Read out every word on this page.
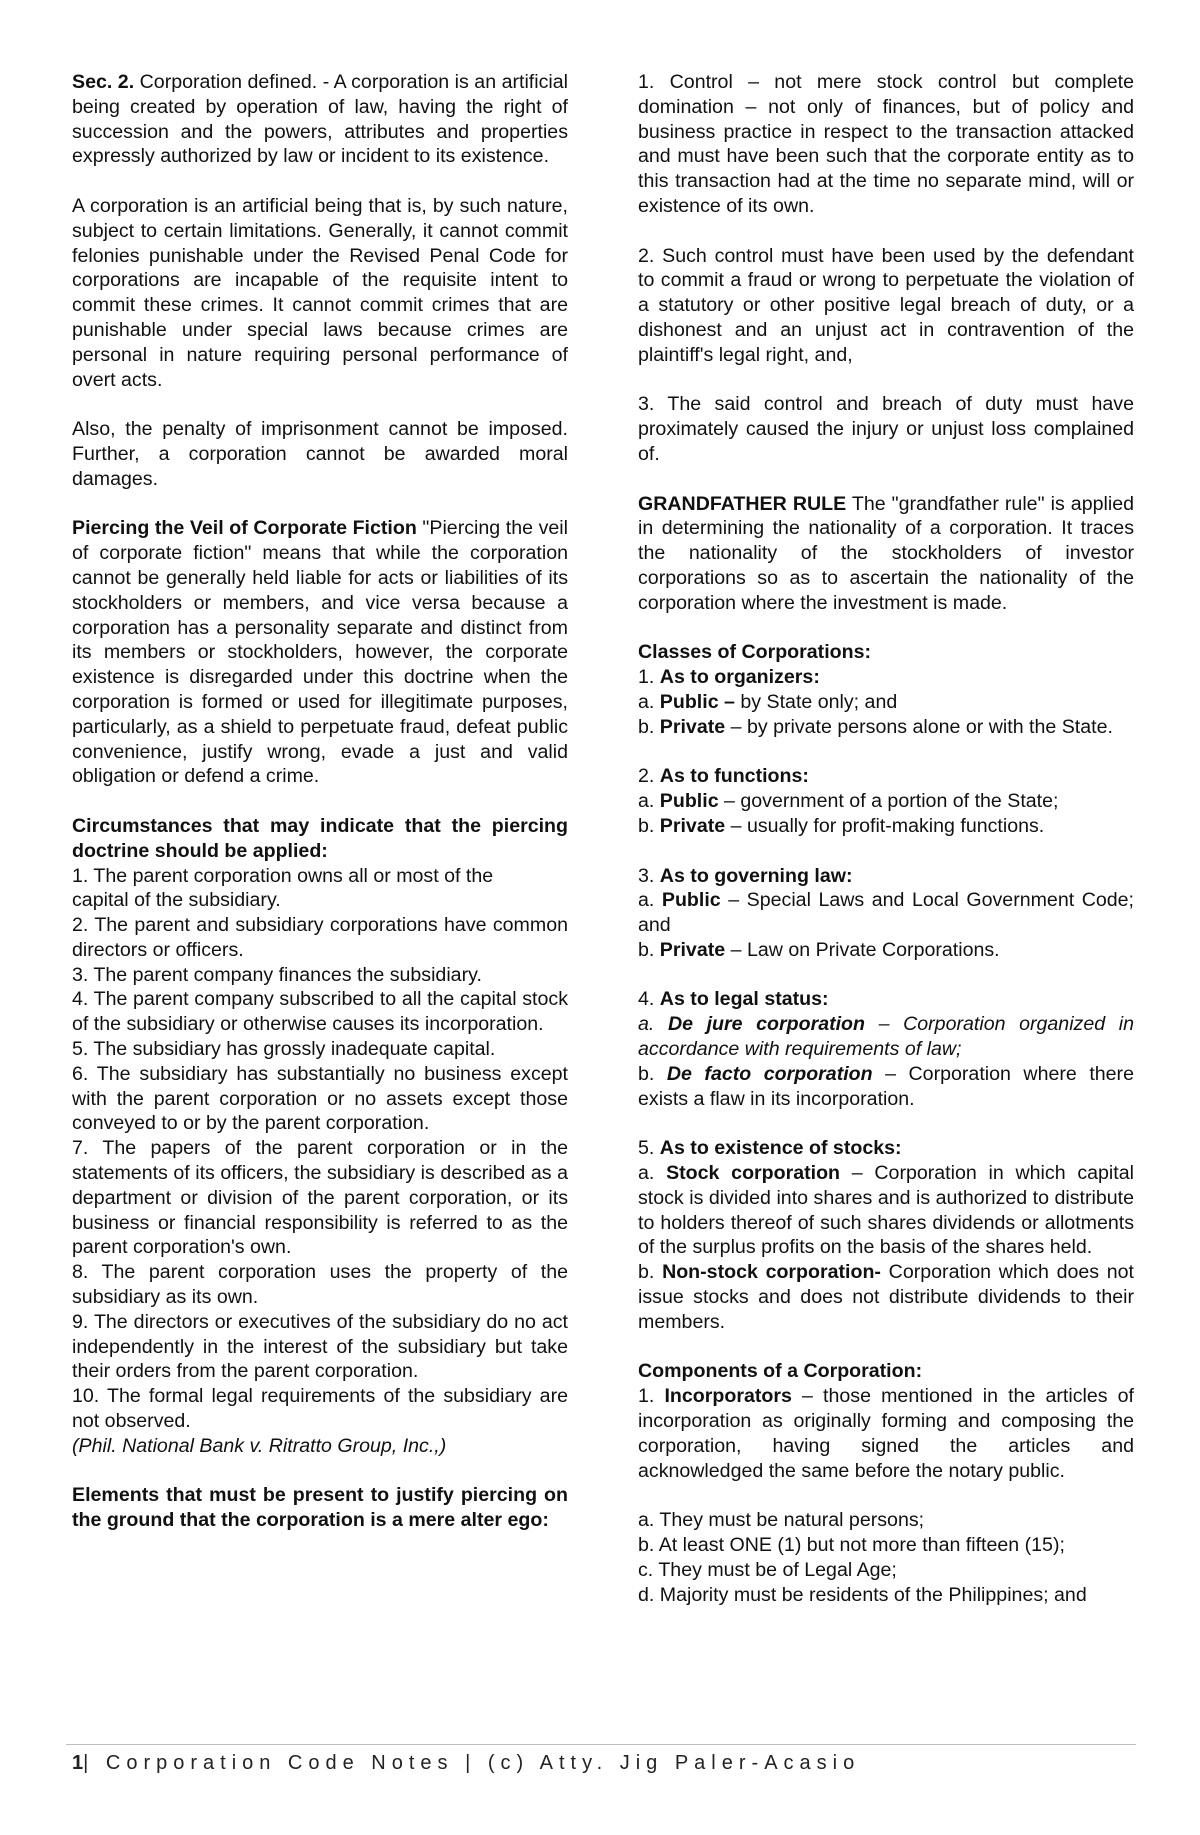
Sec. 2. Corporation defined. - A corporation is an artificial being created by operation of law, having the right of succession and the powers, attributes and properties expressly authorized by law or incident to its existence.

A corporation is an artificial being that is, by such nature, subject to certain limitations. Generally, it cannot commit felonies punishable under the Revised Penal Code for corporations are incapable of the requisite intent to commit these crimes. It cannot commit crimes that are punishable under special laws because crimes are personal in nature requiring personal performance of overt acts.

Also, the penalty of imprisonment cannot be imposed. Further, a corporation cannot be awarded moral damages.

Piercing the Veil of Corporate Fiction "Piercing the veil of corporate fiction" means that while the corporation cannot be generally held liable for acts or liabilities of its stockholders or members, and vice versa because a corporation has a personality separate and distinct from its members or stockholders, however, the corporate existence is disregarded under this doctrine when the corporation is formed or used for illegitimate purposes, particularly, as a shield to perpetuate fraud, defeat public convenience, justify wrong, evade a just and valid obligation or defend a crime.

Circumstances that may indicate that the piercing doctrine should be applied:

1. The parent corporation owns all or most of the capital of the subsidiary.

2. The parent and subsidiary corporations have common directors or officers.

3. The parent company finances the subsidiary.

4. The parent company subscribed to all the capital stock of the subsidiary or otherwise causes its incorporation.

5. The subsidiary has grossly inadequate capital.

6. The subsidiary has substantially no business except with the parent corporation or no assets except those conveyed to or by the parent corporation.

7. The papers of the parent corporation or in the statements of its officers, the subsidiary is described as a department or division of the parent corporation, or its business or financial responsibility is referred to as the parent corporation's own.

8. The parent corporation uses the property of the subsidiary as its own.

9. The directors or executives of the subsidiary do no act independently in the interest of the subsidiary but take their orders from the parent corporation.

10. The formal legal requirements of the subsidiary are not observed.

(Phil. National Bank v. Ritratto Group, Inc.,)

Elements that must be present to justify piercing on the ground that the corporation is a mere alter ego:

1. Control – not mere stock control but complete domination – not only of finances, but of policy and business practice in respect to the transaction attacked and must have been such that the corporate entity as to this transaction had at the time no separate mind, will or existence of its own.

2. Such control must have been used by the defendant to commit a fraud or wrong to perpetuate the violation of a statutory or other positive legal breach of duty, or a dishonest and an unjust act in contravention of the plaintiff's legal right, and,

3. The said control and breach of duty must have proximately caused the injury or unjust loss complained of.

GRANDFATHER RULE The "grandfather rule" is applied in determining the nationality of a corporation. It traces the nationality of the stockholders of investor corporations so as to ascertain the nationality of the corporation where the investment is made.

Classes of Corporations:

1. As to organizers:

a. Public – by State only; and

b. Private – by private persons alone or with the State.

2. As to functions:

a. Public – government of a portion of the State;

b. Private – usually for profit-making functions.

3. As to governing law:

a. Public – Special Laws and Local Government Code; and

b. Private – Law on Private Corporations.

4. As to legal status:

a. De jure corporation – Corporation organized in accordance with requirements of law;

b. De facto corporation – Corporation where there exists a flaw in its incorporation.

5. As to existence of stocks:

a. Stock corporation – Corporation in which capital stock is divided into shares and is authorized to distribute to holders thereof of such shares dividends or allotments of the surplus profits on the basis of the shares held.

b. Non-stock corporation- Corporation which does not issue stocks and does not distribute dividends to their members.

Components of a Corporation:

1. Incorporators – those mentioned in the articles of incorporation as originally forming and composing the corporation, having signed the articles and acknowledged the same before the notary public.

a. They must be natural persons;

b. At least ONE (1) but not more than fifteen (15);

c. They must be of Legal Age;

d. Majority must be residents of the Philippines; and

1| Corporation Code Notes | (c) Atty. Jig Paler-Acasio
